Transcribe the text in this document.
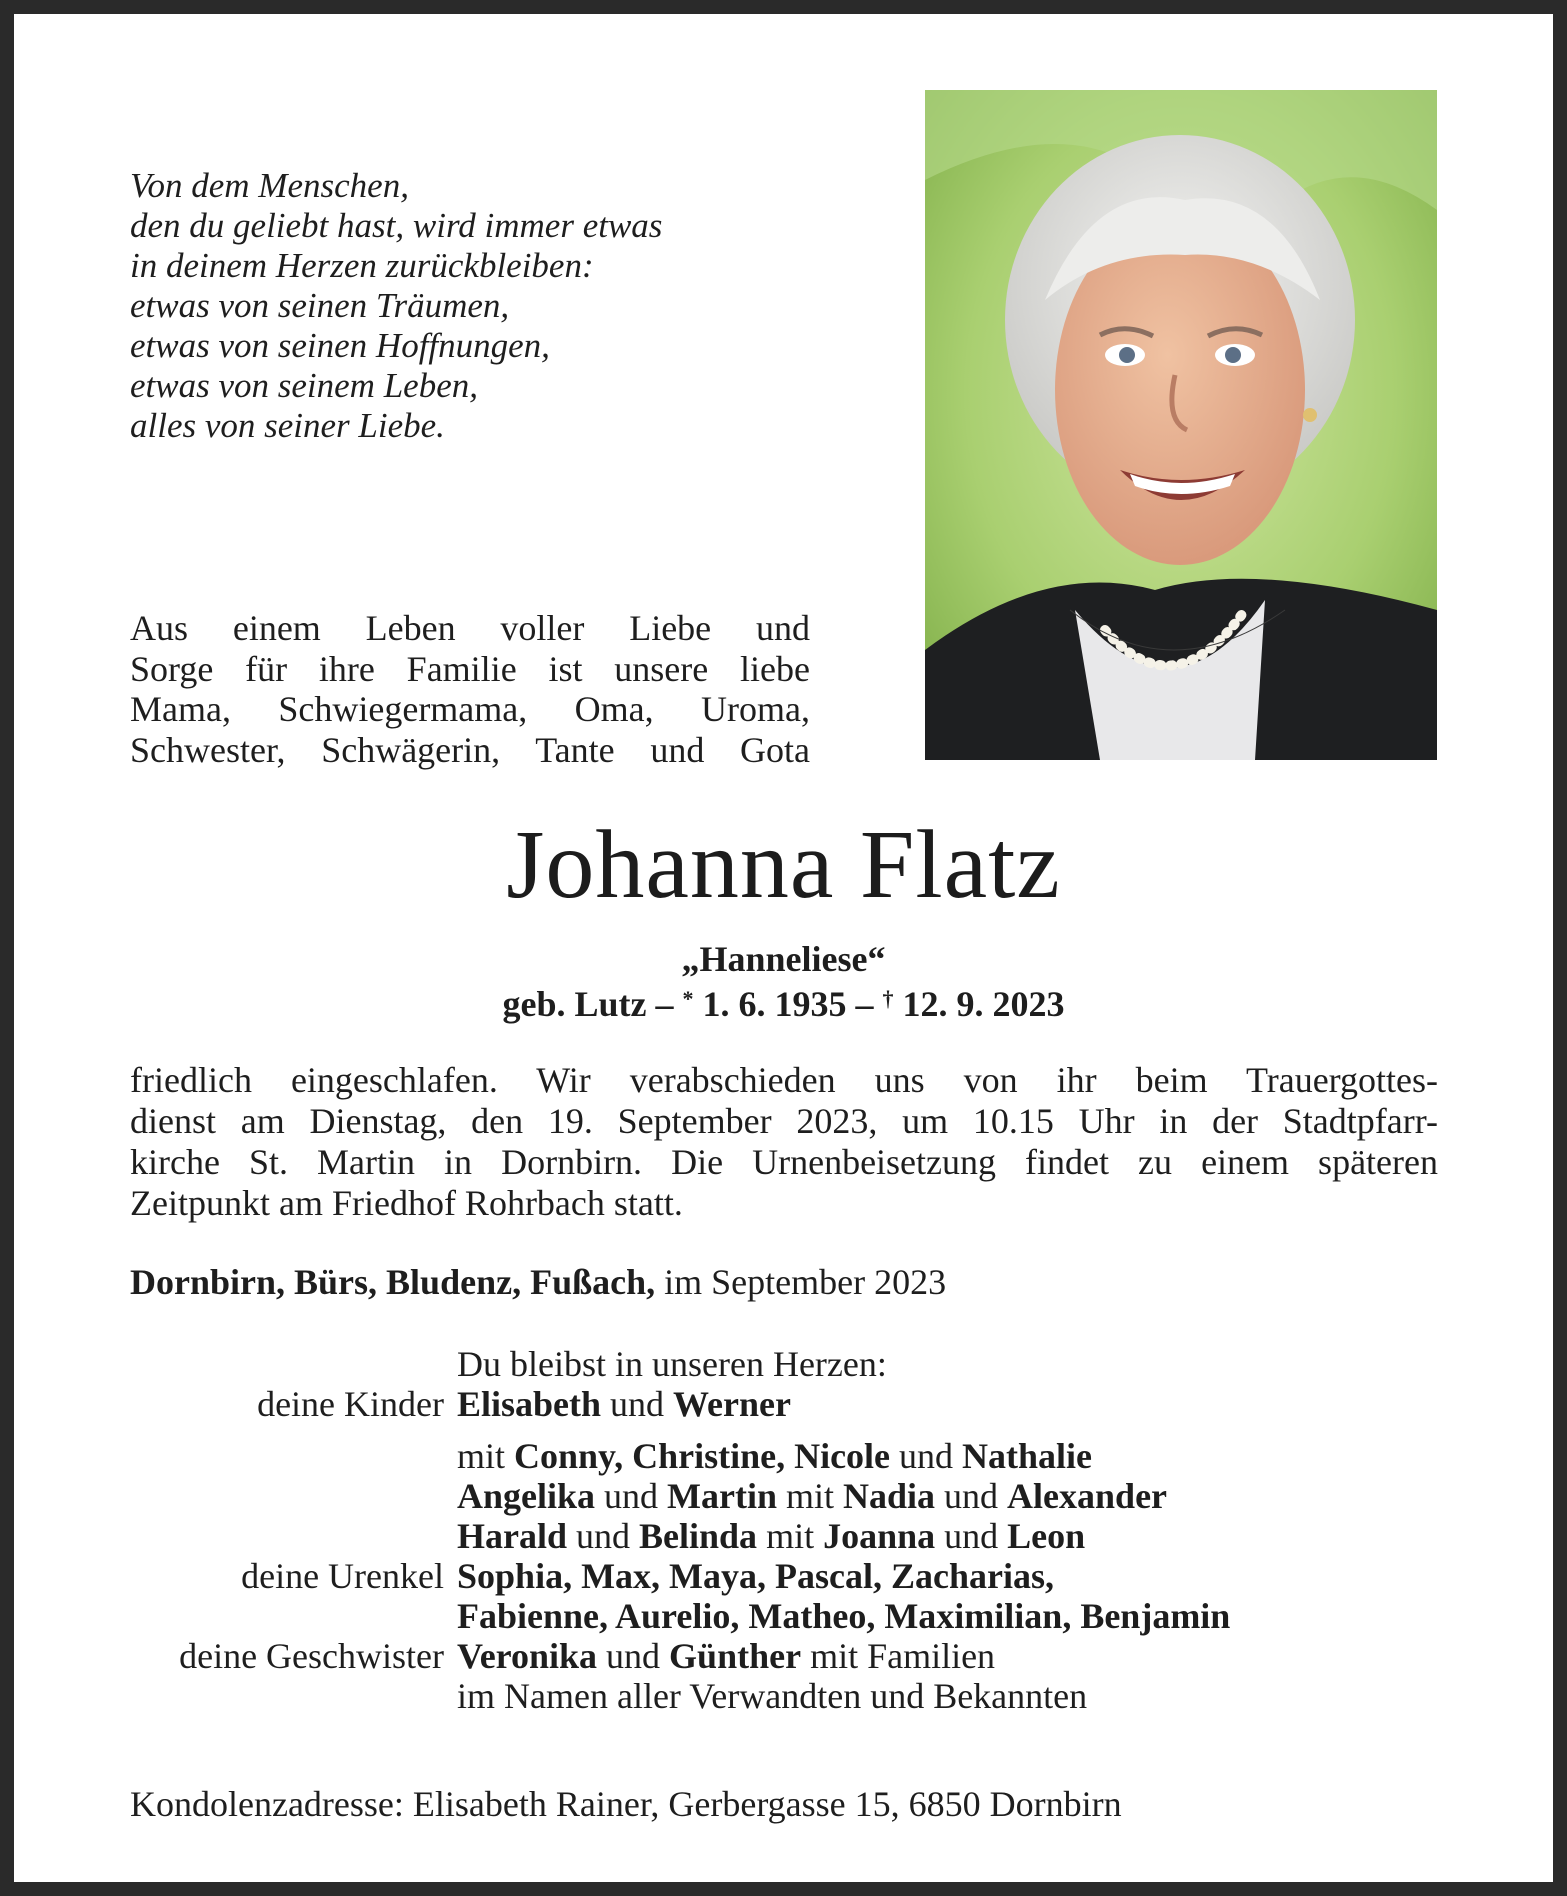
Von dem Menschen,
den du geliebt hast, wird immer etwas
in deinem Herzen zurückbleiben:
etwas von seinen Träumen,
etwas von seinen Hoffnungen,
etwas von seinem Leben,
alles von seiner Liebe.
Aus einem Leben voller Liebe und
Sorge für ihre Familie ist unsere liebe
Mama, Schwiegermama, Oma, Uroma,
Schwester, Schwägerin, Tante und Gota
Johanna Flatz
„Hanneliese“
geb. Lutz – * 1. 6. 1935 – † 12. 9. 2023
friedlich eingeschlafen. Wir verabschieden uns von ihr beim Trauergottes-
dienst am Dienstag, den 19. September 2023, um 10.15 Uhr in der Stadtpfarr-
kirche St. Martin in Dornbirn. Die Urnenbeisetzung findet zu einem späteren
Zeitpunkt am Friedhof Rohrbach statt.
Dornbirn, Bürs, Bludenz, Fußach, im September 2023
Du bleibst in unseren Herzen:
deine Kinder Elisabeth und Werner
mit Conny, Christine, Nicole und Nathalie
Angelika und Martin mit Nadia und Alexander
Harald und Belinda mit Joanna und Leon
deine Urenkel Sophia, Max, Maya, Pascal, Zacharias,
Fabienne, Aurelio, Matheo, Maximilian, Benjamin
deine Geschwister Veronika und Günther mit Familien
im Namen aller Verwandten und Bekannten
Kondolenzadresse: Elisabeth Rainer, Gerbergasse 15, 6850 Dornbirn
